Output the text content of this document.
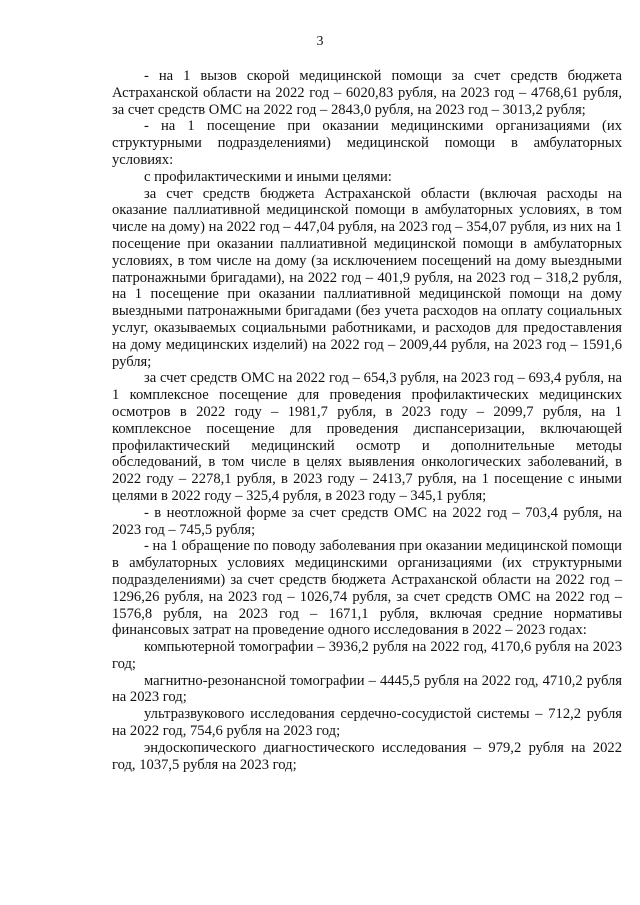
3

- на 1 вызов скорой медицинской помощи за счет средств бюджета Астраханской области на 2022 год – 6020,83 рубля, на 2023 год – 4768,61 рубля, за счет средств ОМС на 2022 год – 2843,0 рубля, на 2023 год – 3013,2 рубля;

- на 1 посещение при оказании медицинскими организациями (их структурными подразделениями) медицинской помощи в амбулаторных условиях:

с профилактическими и иными целями:

за счет средств бюджета Астраханской области (включая расходы на оказание паллиативной медицинской помощи в амбулаторных условиях, в том числе на дому) на 2022 год – 447,04 рубля, на 2023 год – 354,07 рубля, из них на 1 посещение при оказании паллиативной медицинской помощи в амбулаторных условиях, в том числе на дому (за исключением посещений на дому выездными патронажными бригадами), на 2022 год – 401,9 рубля, на 2023 год – 318,2 рубля, на 1 посещение при оказании паллиативной медицинской помощи на дому выездными патронажными бригадами (без учета расходов на оплату социальных услуг, оказываемых социальными работниками, и расходов для предоставления на дому медицинских изделий) на 2022 год – 2009,44 рубля, на 2023 год – 1591,6 рубля;

за счет средств ОМС на 2022 год – 654,3 рубля, на 2023 год – 693,4 рубля, на 1 комплексное посещение для проведения профилактических медицинских осмотров в 2022 году – 1981,7 рубля, в 2023 году – 2099,7 рубля, на 1 комплексное посещение для проведения диспансеризации, включающей профилактический медицинский осмотр и дополнительные методы обследований, в том числе в целях выявления онкологических заболеваний, в 2022 году – 2278,1 рубля, в 2023 году – 2413,7 рубля, на 1 посещение с иными целями в 2022 году – 325,4 рубля, в 2023 году – 345,1 рубля;

- в неотложной форме за счет средств ОМС на 2022 год – 703,4 рубля, на 2023 год – 745,5 рубля;

- на 1 обращение по поводу заболевания при оказании медицинской помощи в амбулаторных условиях медицинскими организациями (их структурными подразделениями) за счет средств бюджета Астраханской области на 2022 год – 1296,26 рубля, на 2023 год – 1026,74 рубля, за счет средств ОМС на 2022 год – 1576,8 рубля, на 2023 год – 1671,1 рубля, включая средние нормативы финансовых затрат на проведение одного исследования в 2022 – 2023 годах:

компьютерной томографии – 3936,2 рубля на 2022 год, 4170,6 рубля на 2023 год;

магнитно-резонансной томографии – 4445,5 рубля на 2022 год, 4710,2 рубля на 2023 год;

ультразвукового исследования сердечно-сосудистой системы – 712,2 рубля на 2022 год, 754,6 рубля на 2023 год;

эндоскопического диагностического исследования – 979,2 рубля на 2022 год, 1037,5 рубля на 2023 год;
